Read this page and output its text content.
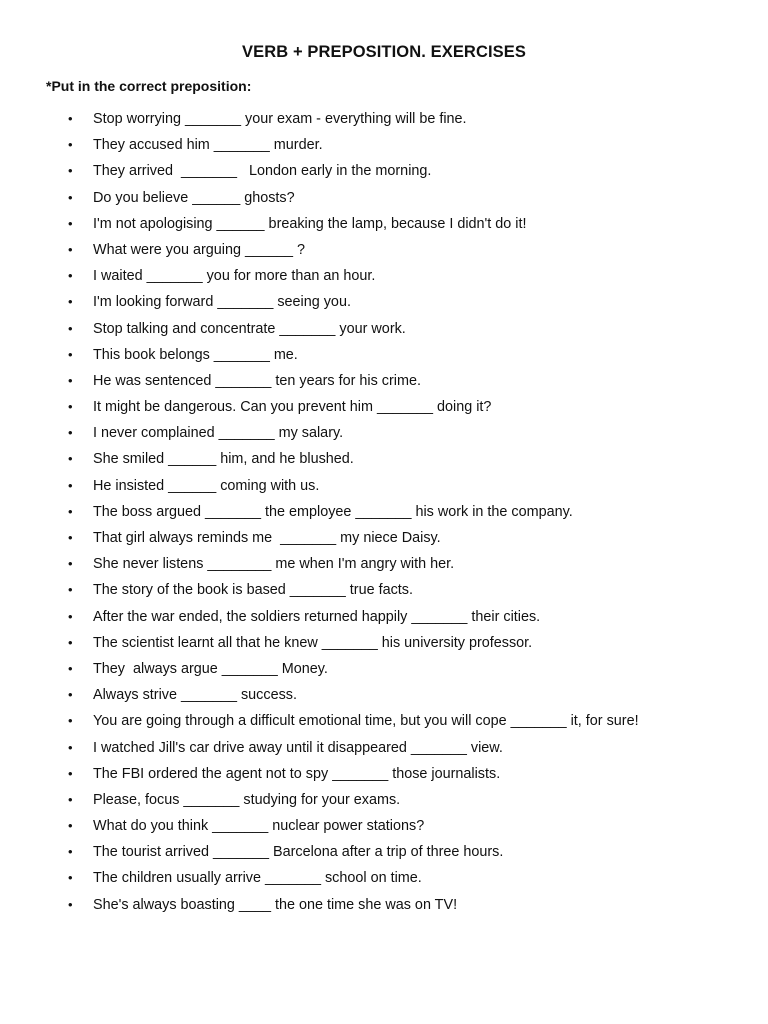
VERB + PREPOSITION. EXERCISES
*Put in the correct preposition:
• Stop worrying _______ your exam - everything will be fine.
• They accused him _______ murder.
• They arrived  _______   London early in the morning.
• Do you believe ______ ghosts?
• I'm not apologising ______ breaking the lamp, because I didn't do it!
• What were you arguing ______ ?
• I waited _______ you for more than an hour.
• I'm looking forward _______ seeing you.
• Stop talking and concentrate _______ your work.
• This book belongs _______ me.
• He was sentenced _______ ten years for his crime.
• It might be dangerous. Can you prevent him _______ doing it?
• I never complained _______ my salary.
• She smiled ______ him, and he blushed.
• He insisted ______ coming with us.
• The boss argued _______ the employee _______ his work in the company.
• That girl always reminds me  _______ my niece Daisy.
• She never listens ________ me when I'm angry with her.
• The story of the book is based _______ true facts.
• After the war ended, the soldiers returned happily _______ their cities.
• The scientist learnt all that he knew _______ his university professor.
• They  always argue _______ Money.
• Always strive _______ success.
• You are going through a difficult emotional time, but you will cope _______ it, for sure!
• I watched Jill's car drive away until it disappeared _______ view.
• The FBI ordered the agent not to spy _______ those journalists.
• Please, focus _______ studying for your exams.
• What do you think _______ nuclear power stations?
• The tourist arrived _______ Barcelona after a trip of three hours.
• The children usually arrive _______ school on time.
• She's always boasting ____ the one time she was on TV!
